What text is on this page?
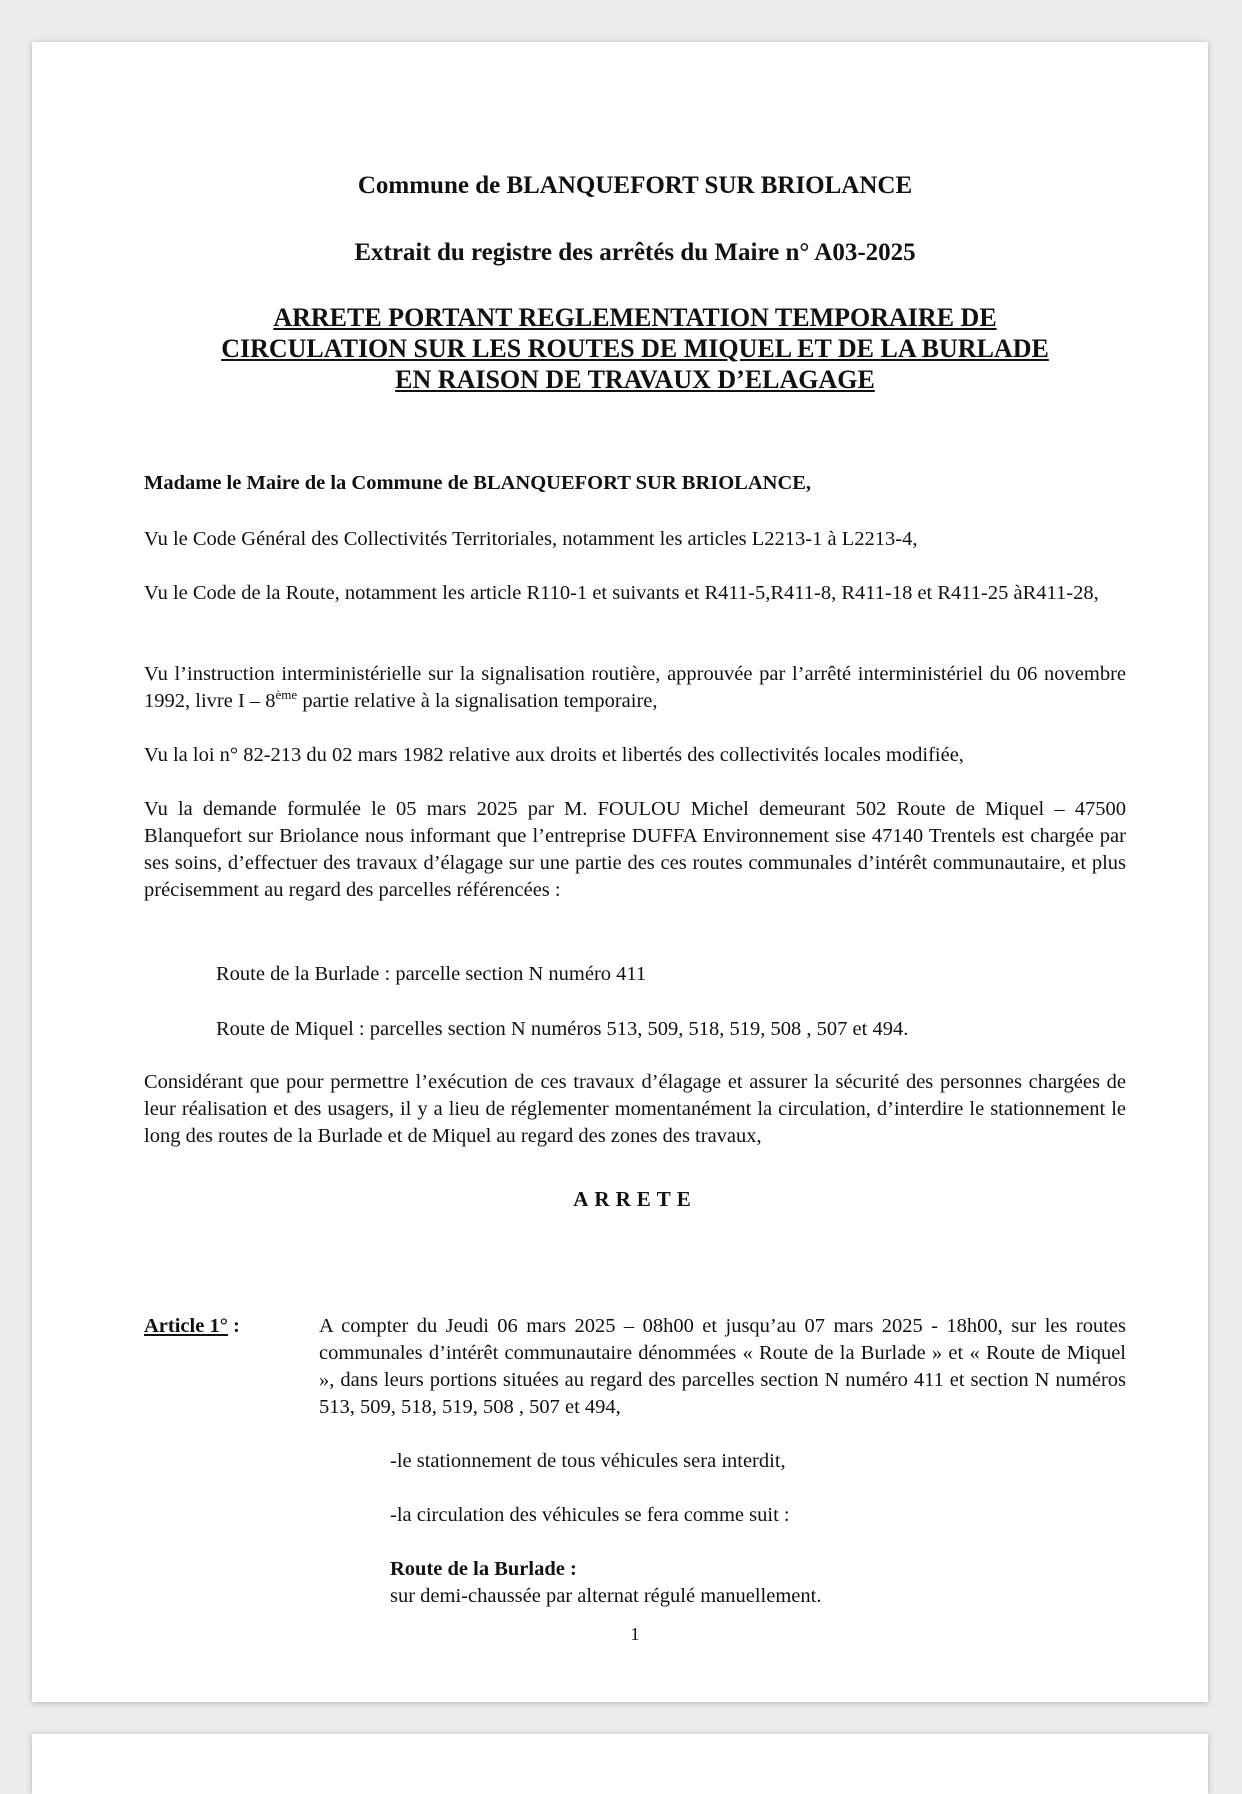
Commune de BLANQUEFORT SUR BRIOLANCE

Extrait du registre des arrêtés du Maire n° A03-2025

ARRETE PORTANT REGLEMENTATION TEMPORAIRE DE
CIRCULATION SUR LES ROUTES DE MIQUEL ET DE LA BURLADE
EN RAISON DE TRAVAUX D’ELAGAGE

Madame le Maire de la Commune de BLANQUEFORT SUR BRIOLANCE,

Vu le Code Général des Collectivités Territoriales, notamment les articles L2213-1 à L2213-4,

Vu le Code de la Route, notamment les article R110-1 et suivants et R411-5,R411-8, R411-18 et R411-25 àR411-28,

Vu l’instruction interministérielle sur la signalisation routière, approuvée par l’arrêté interministériel du 06 novembre 1992, livre I – 8ème partie relative à la signalisation temporaire,

Vu la loi n° 82-213 du 02 mars 1982 relative aux droits et libertés des collectivités locales modifiée,

Vu la demande formulée le 05 mars 2025 par M. FOULOU Michel demeurant 502 Route de Miquel – 47500 Blanquefort sur Briolance nous informant que l’entreprise DUFFA Environnement sise 47140 Trentels est chargée par ses soins, d’effectuer des travaux d’élagage sur une partie des ces routes communales d’intérêt communautaire, et plus précisemment au regard des parcelles référencées :

Route de la Burlade : parcelle section N numéro 411

Route de Miquel : parcelles section N numéros 513, 509, 518, 519, 508 , 507 et 494.

Considérant que pour permettre l’exécution de ces travaux d’élagage et assurer la sécurité des personnes chargées de leur réalisation et des usagers, il y a lieu de réglementer momentanément la circulation, d’interdire le stationnement le long des routes de la Burlade et de Miquel au regard des zones des travaux,

ARRETE
Article 1° :	A compter du Jeudi 06 mars 2025 – 08h00 et jusqu’au 07 mars 2025 - 18h00, sur les routes communales d’intérêt communautaire dénommées « Route de la Burlade » et « Route de Miquel », dans leurs portions situées au regard des parcelles section N numéro 411 et section N numéros 513, 509, 518, 519, 508 , 507 et 494,
-le stationnement de tous véhicules sera interdit,
-la circulation des véhicules se fera comme suit :
Route de la Burlade :
sur demi-chaussée par alternat régulé manuellement.
1
